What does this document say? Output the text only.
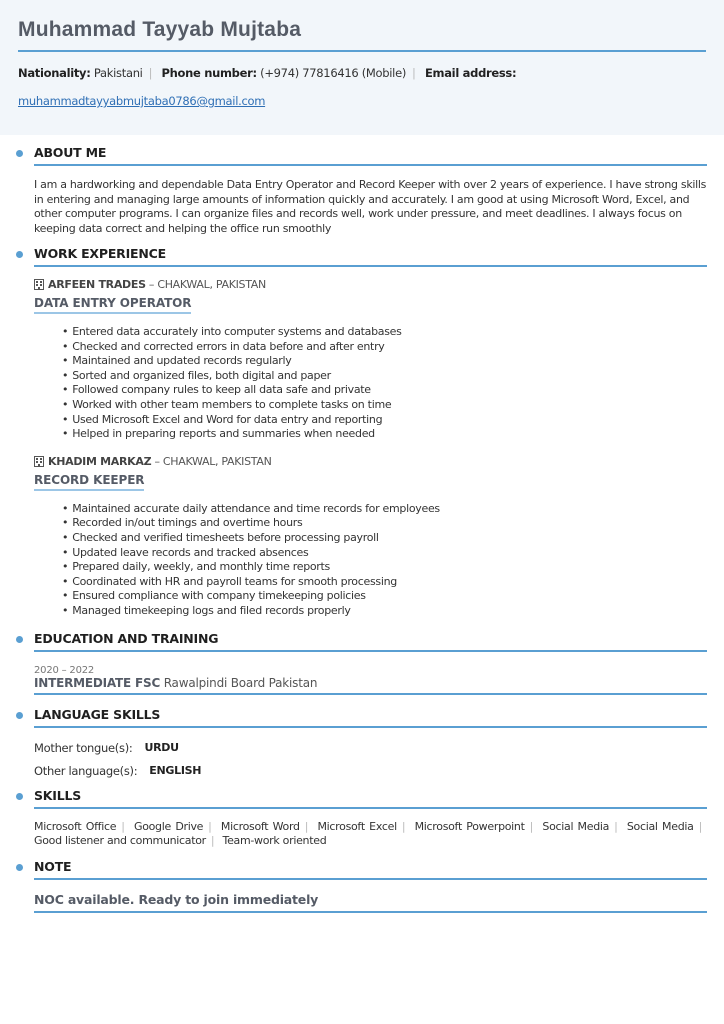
Muhammad Tayyab Mujtaba
Nationality: Pakistani | Phone number: (+974) 77816416 (Mobile) | Email address:
muhammadtayyabmujtaba0786@gmail.com
ABOUT ME
I am a hardworking and dependable Data Entry Operator and Record Keeper with over 2 years of experience. I have strong skills in entering and managing large amounts of information quickly and accurately. I am good at using Microsoft Word, Excel, and other computer programs. I can organize files and records well, work under pressure, and meet deadlines. I always focus on keeping data correct and helping the office run smoothly
WORK EXPERIENCE
ARFEEN TRADES
– CHAKWAL, PAKISTAN
DATA ENTRY OPERATOR
• Entered data accurately into computer systems and databases
• Checked and corrected errors in data before and after entry
• Maintained and updated records regularly
• Sorted and organized files, both digital and paper
• Followed company rules to keep all data safe and private
• Worked with other team members to complete tasks on time
• Used Microsoft Excel and Word for data entry and reporting
• Helped in preparing reports and summaries when needed
KHADIM MARKAZ
– CHAKWAL, PAKISTAN
RECORD KEEPER
• Maintained accurate daily attendance and time records for employees
• Recorded in/out timings and overtime hours
• Checked and verified timesheets before processing payroll
• Updated leave records and tracked absences
• Prepared daily, weekly, and monthly time reports
• Coordinated with HR and payroll teams for smooth processing
• Ensured compliance with company timekeeping policies
• Managed timekeeping logs and filed records properly
EDUCATION AND TRAINING
2020 – 2022
INTERMEDIATE FSC Rawalpindi Board Pakistan
LANGUAGE SKILLS
Mother tongue(s): URDU
Other language(s): ENGLISH
SKILLS
Microsoft Office | Google Drive | Microsoft Word | Microsoft Excel | Microsoft Powerpoint | Social Media | Social Media | Good listener and communicator | Team-work oriented
NOTE
NOC available. Ready to join immediately
